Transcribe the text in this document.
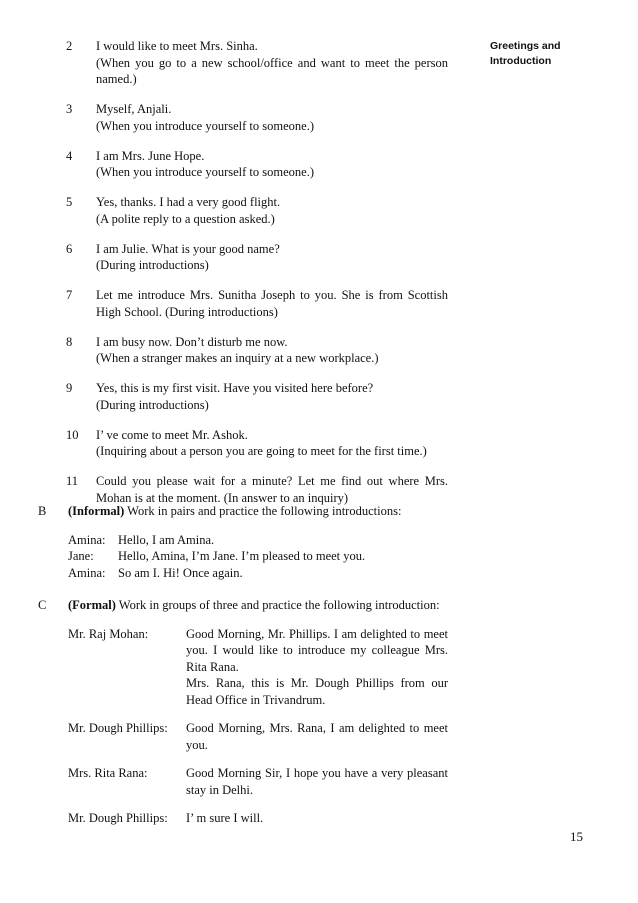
Greetings and Introduction
2 I would like to meet Mrs. Sinha.
(When you go to a new school/office and want to meet the person named.)
3 Myself, Anjali.
(When you introduce yourself to someone.)
4 I am Mrs. June Hope.
(When you introduce yourself to someone.)
5 Yes, thanks. I had a very good flight.
(A polite reply to a question asked.)
6 I am Julie. What is your good name?
(During introductions)
7 Let me introduce Mrs. Sunitha Joseph to you. She is from Scottish High School. (During introductions)
8 I am busy now. Don’t disturb me now.
(When a stranger makes an inquiry at a new workplace.)
9 Yes, this is my first visit. Have you visited here before?
(During introductions)
10 I’ ve come to meet Mr. Ashok.
(Inquiring about a person you are going to meet for the first time.)
11 Could you please wait for a minute? Let me find out where Mrs. Mohan is at the moment. (In answer to an inquiry)
B (Informal) Work in pairs and practice the following introductions:
Amina:	Hello, I am Amina.
Jane:	Hello, Amina, I’m Jane. I’m pleased to meet you.
Amina:	So am I. Hi! Once again.
C (Formal) Work in groups of three and practice the following introduction:
Mr. Raj Mohan:	Good Morning, Mr. Phillips. I am delighted to meet you. I would like to introduce my colleague Mrs. Rita Rana.
Mrs. Rana, this is Mr. Dough Phillips from our Head Office in Trivandrum.
Mr. Dough Phillips:	Good Morning, Mrs. Rana, I am delighted to meet you.
Mrs. Rita Rana:	Good Morning Sir, I hope you have a very pleasant stay in Delhi.
Mr. Dough Phillips:	I’ m sure I will.
15
